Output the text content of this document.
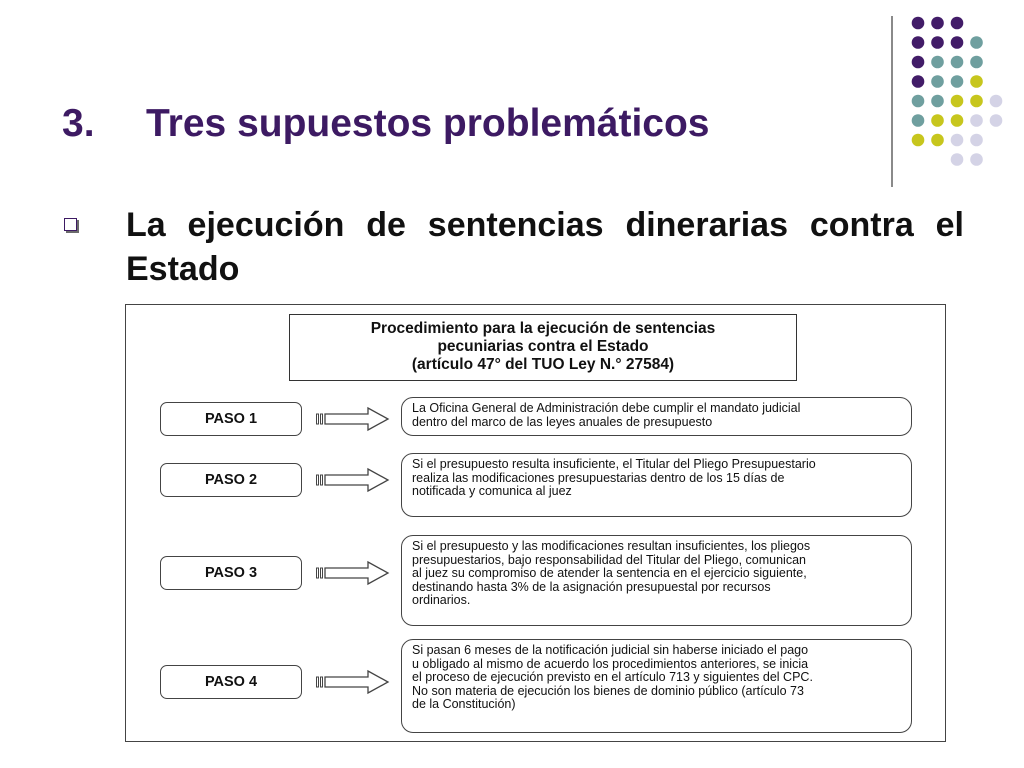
3. Tres supuestos problemáticos

La ejecución de sentencias dinerarias contra el Estado

Procedimiento para la ejecución de sentencias
pecuniarias contra el Estado
(artículo 47° del TUO Ley N.° 27584)
PASO 1
La Oficina General de Administración debe cumplir el mandato judicial
dentro del marco de las leyes anuales de presupuesto
PASO 2
Si el presupuesto resulta insuficiente, el Titular del Pliego Presupuestario
realiza las modificaciones presupuestarias dentro de los 15 días de
notificada y comunica al juez
PASO 3
Si el presupuesto y las modificaciones resultan insuficientes, los pliegos
presupuestarios, bajo responsabilidad del Titular del Pliego, comunican
al juez su compromiso de atender la sentencia en el ejercicio siguiente,
destinando hasta 3% de la asignación presupuestal por recursos
ordinarios.
PASO 4
Si pasan 6 meses de la notificación judicial sin haberse iniciado el pago
u obligado al mismo de acuerdo los procedimientos anteriores, se inicia
el proceso de ejecución previsto en el artículo 713 y siguientes del CPC.
No son materia de ejecución los bienes de dominio público (artículo 73
de la Constitución)
